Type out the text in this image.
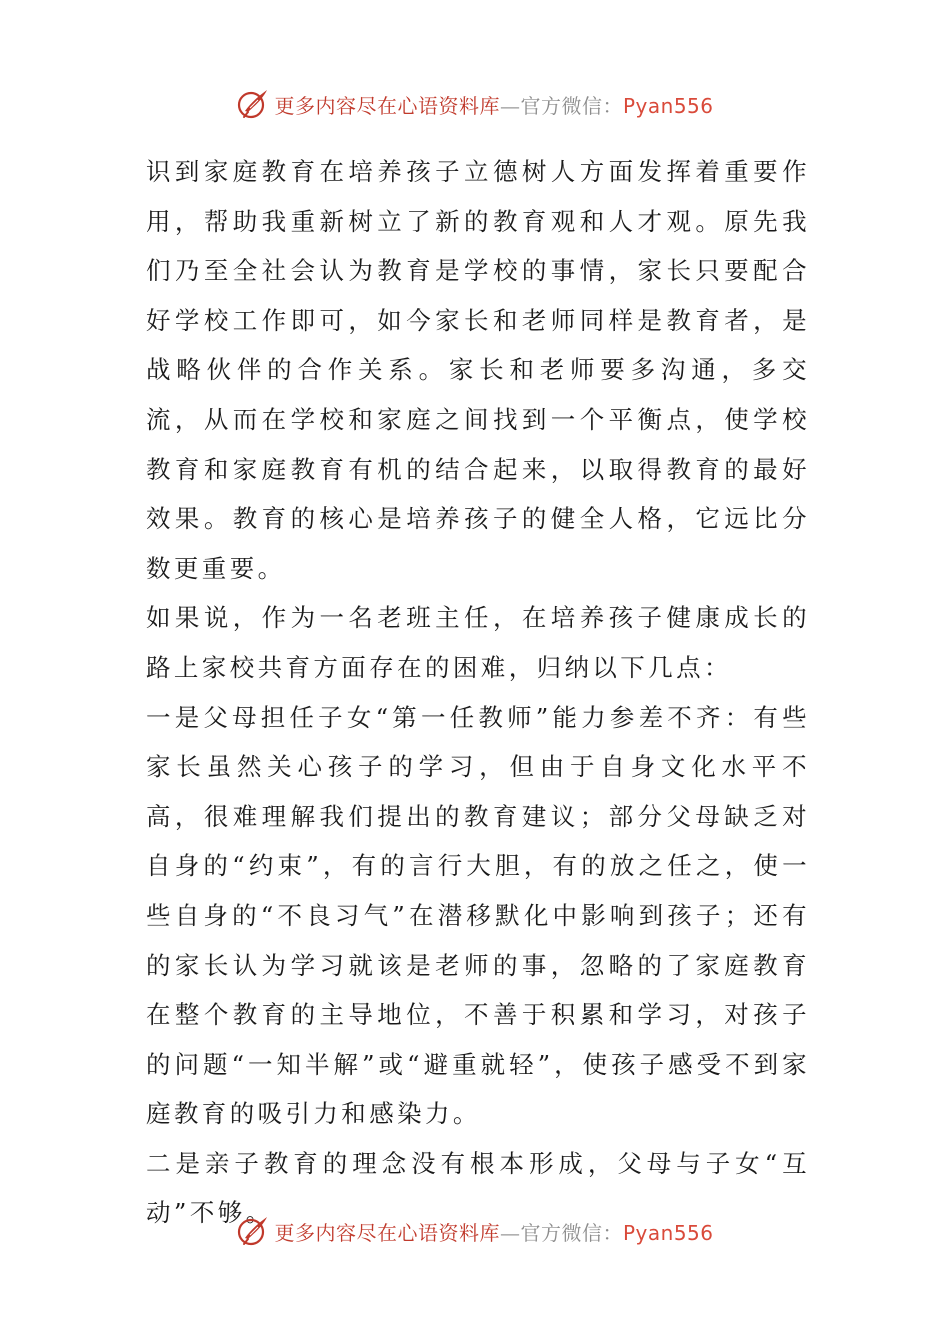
更多内容尽在心语资料库—官方微信：Pyan556

识到家庭教育在培养孩子立德树人方面发挥着重要作用，帮助我重新树立了新的教育观和人才观。原先我们乃至全社会认为教育是学校的事情，家长只要配合好学校工作即可，如今家长和老师同样是教育者，是战略伙伴的合作关系。家长和老师要多沟通，多交流，从而在学校和家庭之间找到一个平衡点，使学校教育和家庭教育有机的结合起来，以取得教育的最好效果。教育的核心是培养孩子的健全人格，它远比分数更重要。

如果说，作为一名老班主任，在培养孩子健康成长的路上家校共育方面存在的困难，归纳以下几点：

一是父母担任子女“第一任教师”能力参差不齐：有些家长虽然关心孩子的学习，但由于自身文化水平不高，很难理解我们提出的教育建议；部分父母缺乏对自身的“约束”，有的言行大胆，有的放之任之，使一些自身的“不良习气”在潜移默化中影响到孩子；还有的家长认为学习就该是老师的事，忽略的了家庭教育在整个教育的主导地位，不善于积累和学习，对孩子的问题“一知半解”或“避重就轻”，使孩子感受不到家庭教育的吸引力和感染力。

二是亲子教育的理念没有根本形成，父母与子女“互动”不够。

更多内容尽在心语资料库—官方微信：Pyan556
